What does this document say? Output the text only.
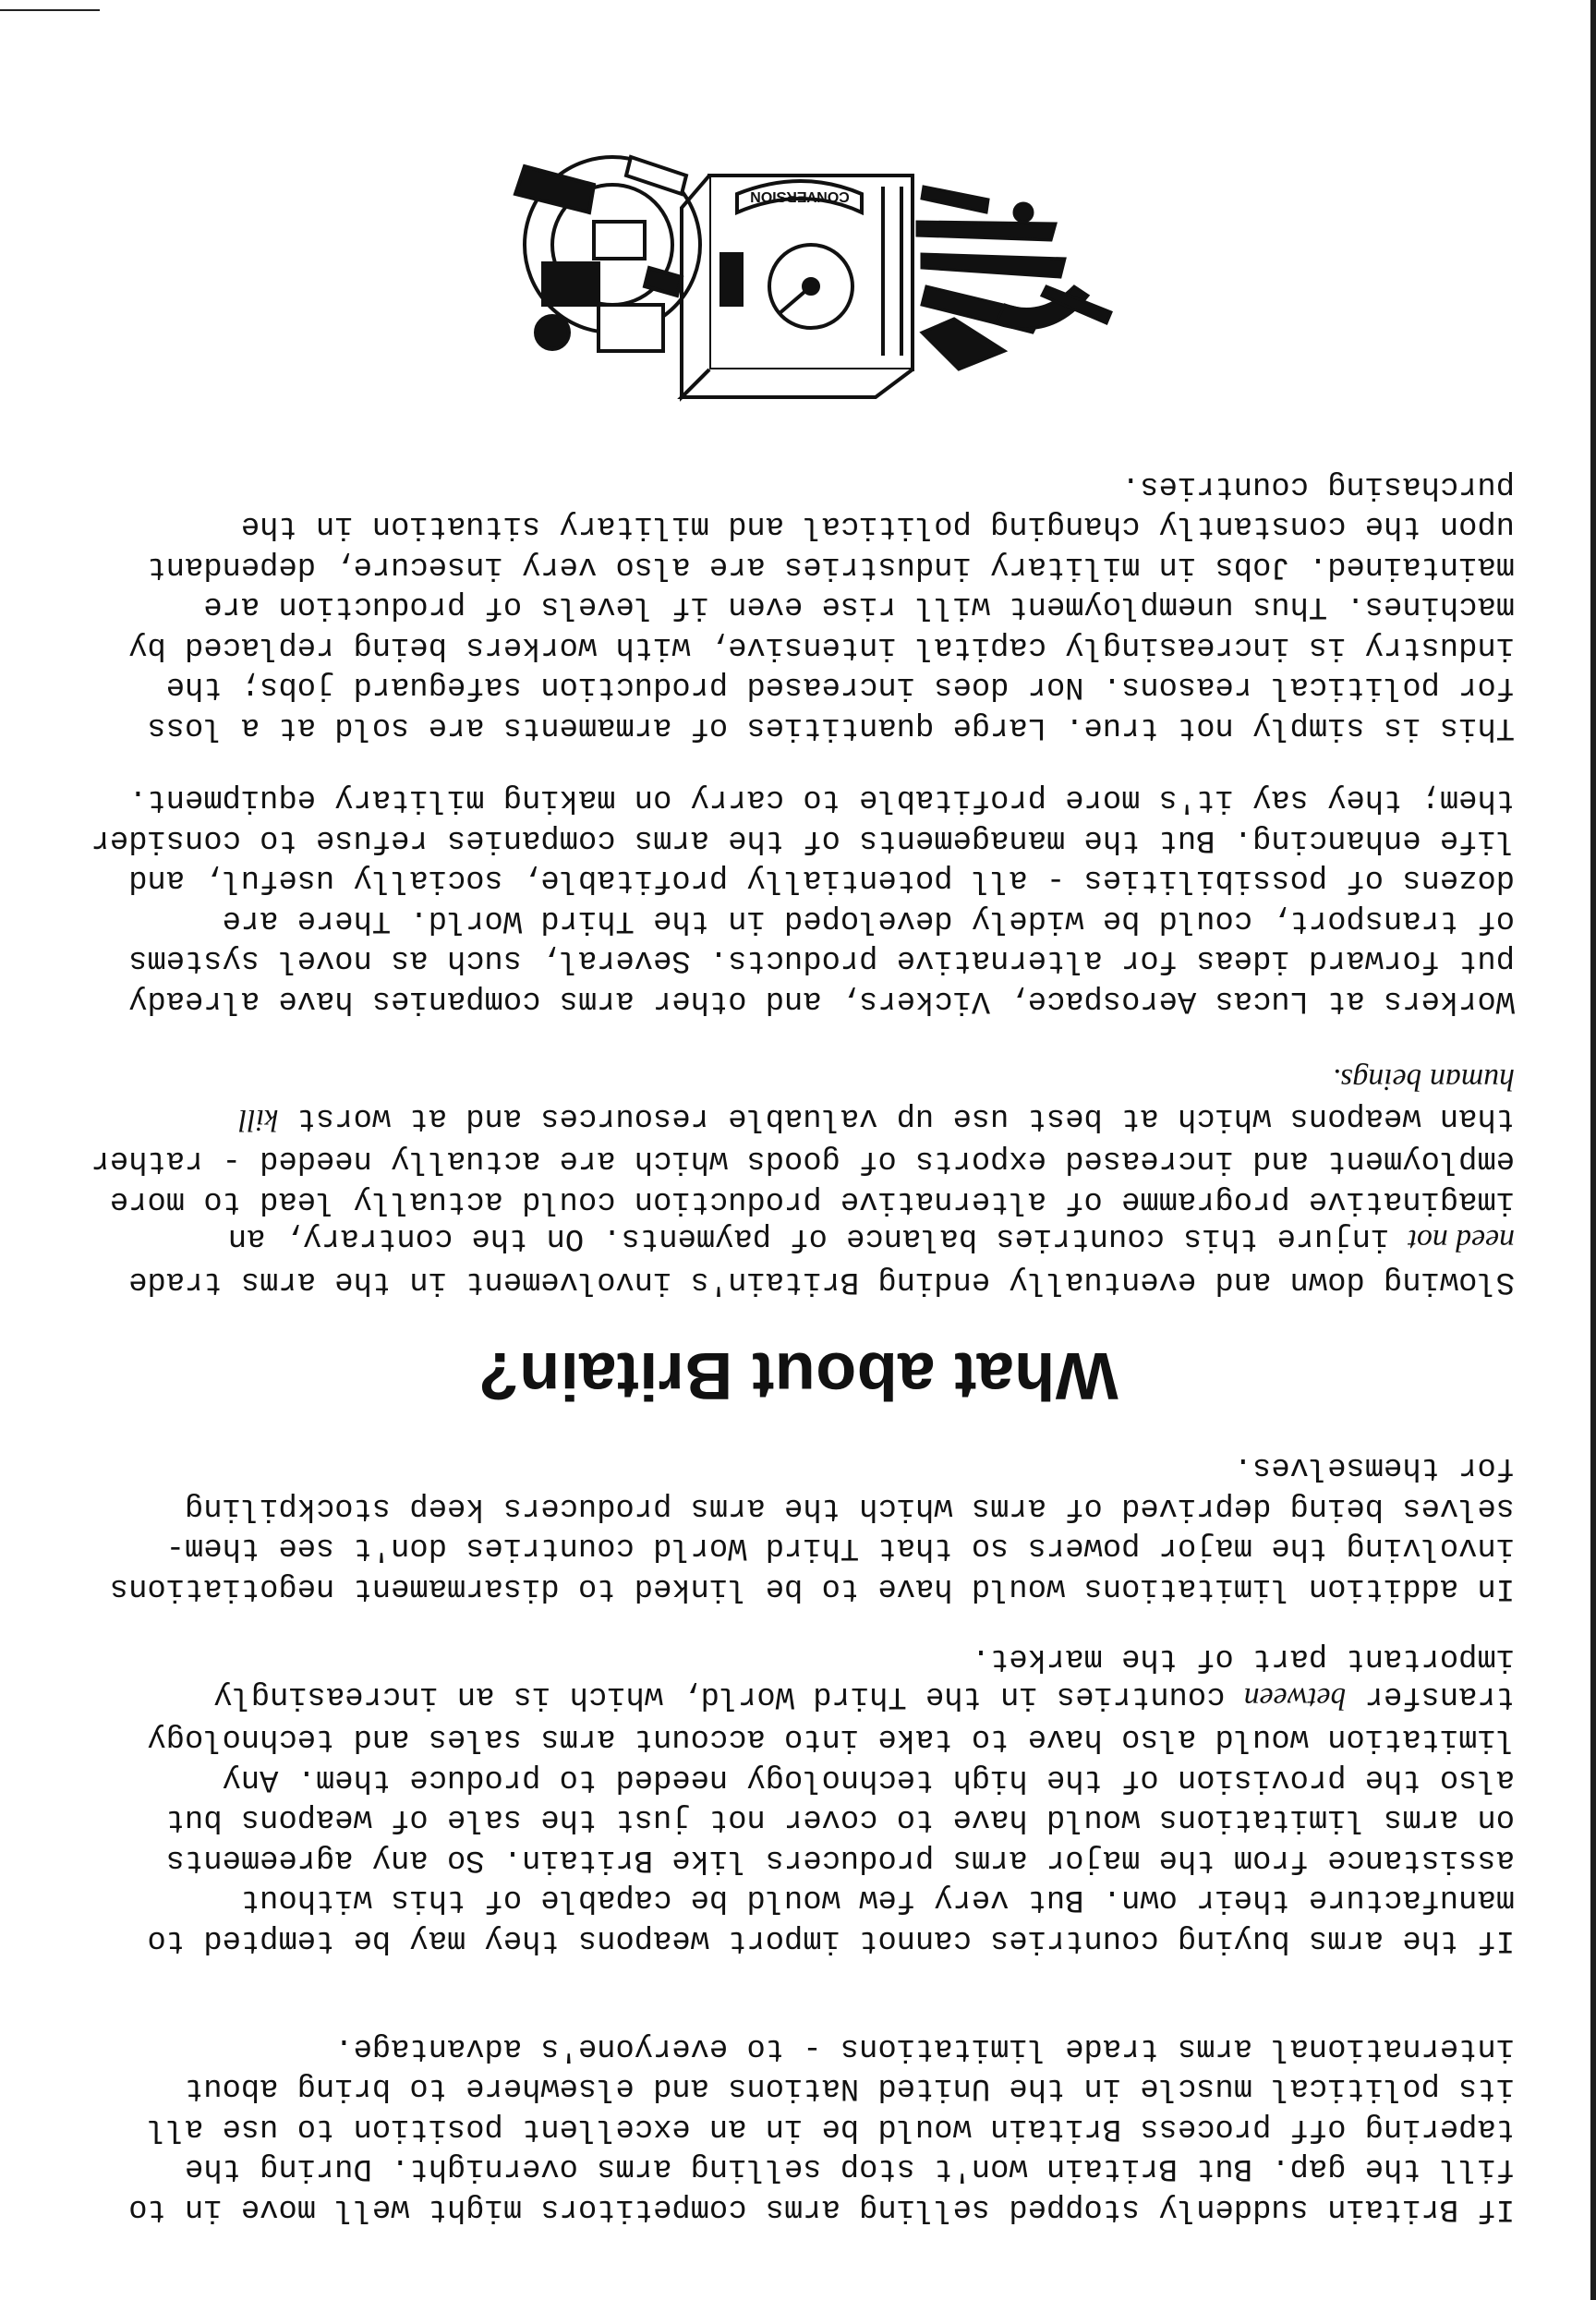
If Britain suddenly stopped selling arms competitors might well move in to
fill the gap. But Britain won't stop selling arms overnight. During the
tapering off process Britain would be in an excellent position to use all
its political muscle in the United Nations and elsewhere to bring about
international arms trade limitations - to everyone's advantage.
If the arms buying countries cannot import weapons they may be tempted to
manufacture their own. But very few would be capable of this without
assistance from the major arms producers like Britain. So any agreements
on arms limitations would have to cover not just the sale of weapons but
also the provision of the high technology needed to produce them. Any
limitation would also have to take into account arms sales and technology
transfer between countries in the Third World, which is an increasingly
important part of the market.
In addition limitations would have to be linked to disarmament negotiations
involving the major powers so that Third World countries don't see them-
selves being deprived of arms which the arms producers keep stockpiling
for themselves.
What about Britain?
Slowing down and eventually ending Britain's involvement in the arms trade
need not injure this countries balance of payments. On the contrary, an
imaginative programme of alternative production could actually lead to more
employment and increased exports of goods which are actually needed - rather
than weapons which at best use up valuable resources and at worst kill
human beings.
Workers at Lucas Aerospace, Vickers, and other arms companies have already
put forward ideas for alternative products. Several, such as novel systems
of transport, could be widely developed in the Third World. There are
dozens of possibilities - all potentially profitable, socially useful, and
life enhancing. But the managements of the arms companies refuse to consider
them; they say it's more profitable to carry on making military equipment.
This is simply not true. Large quantities of armaments are sold at a loss
for political reasons. Nor does increased production safeguard jobs; the
industry is increasingly capital intensive, with workers being replaced by
machines. Thus unemployment will rise even if levels of production are
maintained. Jobs in military industries are also very insecure, dependant
upon the constantly changing political and military situation in the
purchasing countries.
CONVERSION
